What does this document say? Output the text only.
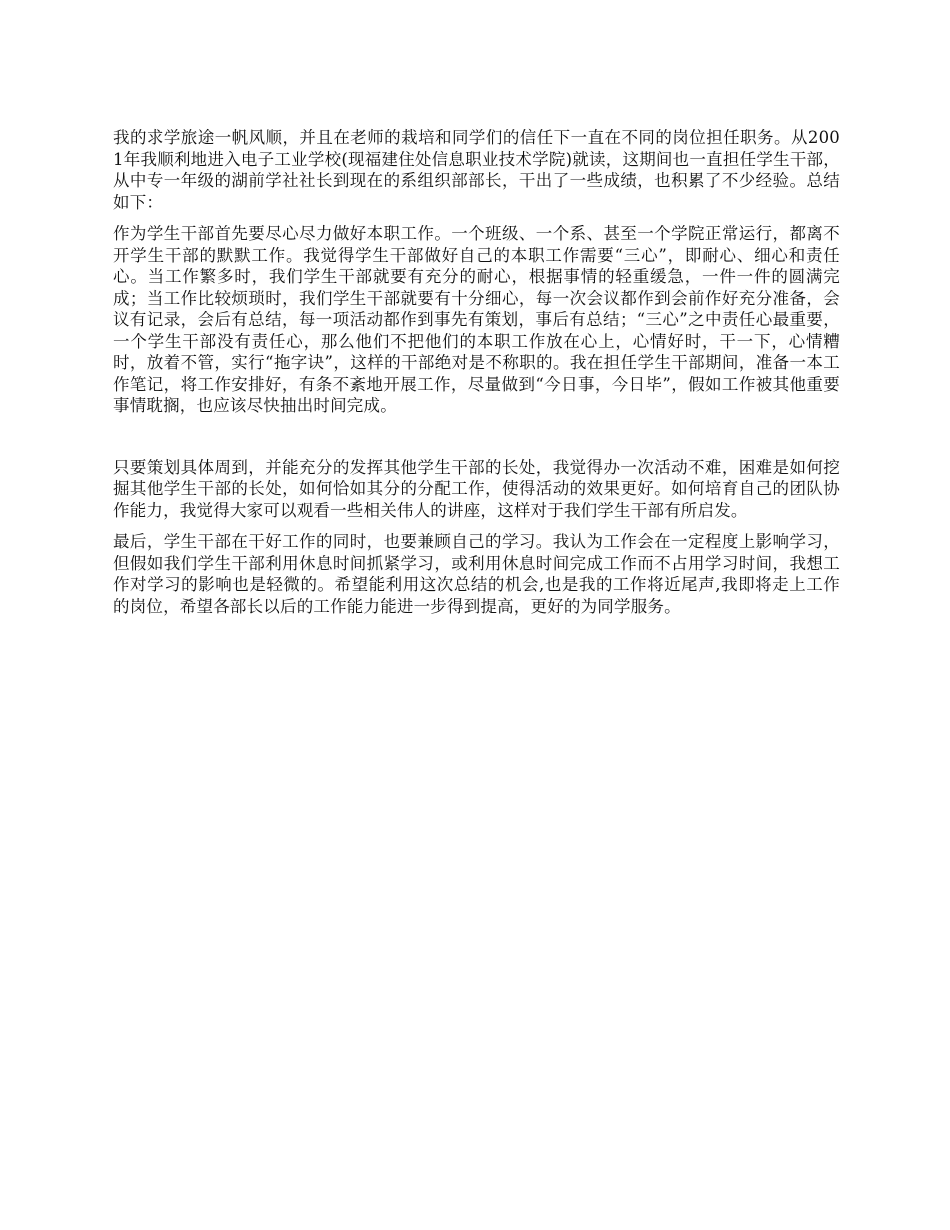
我的求学旅途一帆风顺，并且在老师的栽培和同学们的信任下一直在不同的岗位担任职务。从2001年我顺利地进入电子工业学校(现福建住处信息职业技术学院)就读，这期间也一直担任学生干部，从中专一年级的湖前学社社长到现在的系组织部部长，干出了一些成绩，也积累了不少经验。总结如下：

作为学生干部首先要尽心尽力做好本职工作。一个班级、一个系、甚至一个学院正常运行，都离不开学生干部的默默工作。我觉得学生干部做好自己的本职工作需要“三心”，即耐心、细心和责任心。当工作繁多时，我们学生干部就要有充分的耐心，根据事情的轻重缓急，一件一件的圆满完成；当工作比较烦琐时，我们学生干部就要有十分细心，每一次会议都作到会前作好充分准备，会议有记录，会后有总结，每一项活动都作到事先有策划，事后有总结；“三心”之中责任心最重要，一个学生干部没有责任心，那么他们不把他们的本职工作放在心上，心情好时，干一下，心情糟时，放着不管，实行“拖字诀”，这样的干部绝对是不称职的。我在担任学生干部期间，准备一本工作笔记，将工作安排好，有条不紊地开展工作，尽量做到“今日事，今日毕”，假如工作被其他重要事情耽搁，也应该尽快抽出时间完成。

只要策划具体周到，并能充分的发挥其他学生干部的长处，我觉得办一次活动不难，困难是如何挖掘其他学生干部的长处，如何恰如其分的分配工作，使得活动的效果更好。如何培育自己的团队协作能力，我觉得大家可以观看一些相关伟人的讲座，这样对于我们学生干部有所启发。

最后，学生干部在干好工作的同时，也要兼顾自己的学习。我认为工作会在一定程度上影响学习，但假如我们学生干部利用休息时间抓紧学习，或利用休息时间完成工作而不占用学习时间，我想工作对学习的影响也是轻微的。希望能利用这次总结的机会,也是我的工作将近尾声,我即将走上工作的岗位，希望各部长以后的工作能力能进一步得到提高，更好的为同学服务。
